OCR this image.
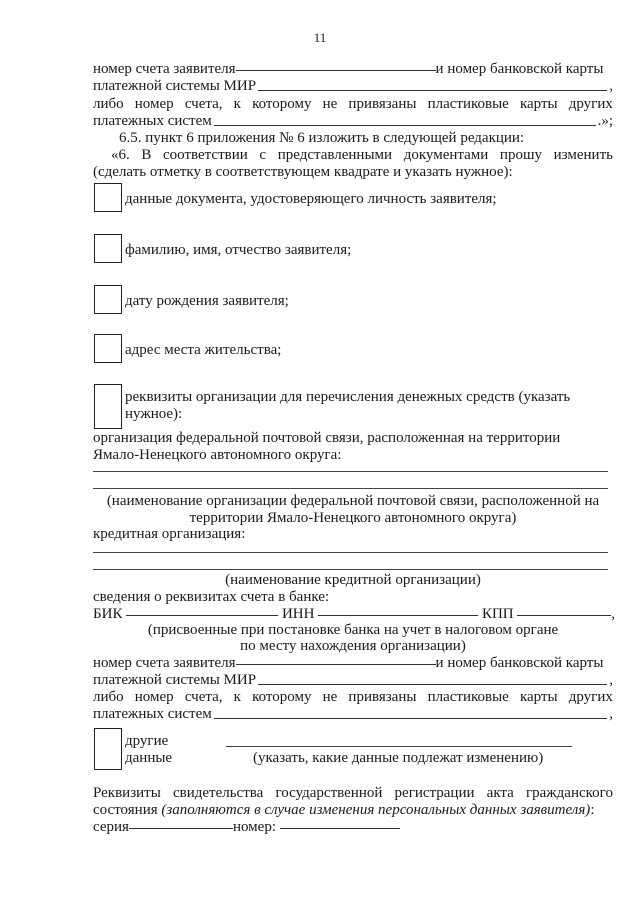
11
номер счета заявителя	и номер банковской карты
платежной системы МИР	,
либо номер счета, к которому не привязаны пластиковые карты других
платежных систем	.»;
6.5. пункт 6 приложения № 6 изложить в следующей редакции:
«6. В соответствии с представленными документами прошу изменить
(сделать отметку в соответствующем квадрате и указать нужное):
данные документа, удостоверяющего личность заявителя;
фамилию, имя, отчество заявителя;
дату рождения заявителя;
адрес места жительства;
реквизиты организации для перечисления денежных средств (указать
нужное):
организация федеральной почтовой связи, расположенная на территории
Ямало-Ненецкого автономного округа:
(наименование организации федеральной почтовой связи, расположенной на
территории Ямало-Ненецкого автономного округа)
кредитная организация:
(наименование кредитной организации)
сведения о реквизитах счета в банке:
БИК	ИНН	КПП	,
(присвоенные при постановке банка на учет в налоговом органе
по месту нахождения организации)
номер счета заявителя	и номер банковской карты
платежной системы МИР	,
либо номер счета, к которому не привязаны пластиковые карты других
платежных систем	,
другие
данные	(указать, какие данные подлежат изменению)
Реквизиты свидетельства государственной регистрации акта гражданского
состояния (заполняются в случае изменения персональных данных заявителя):
серия	номер:
